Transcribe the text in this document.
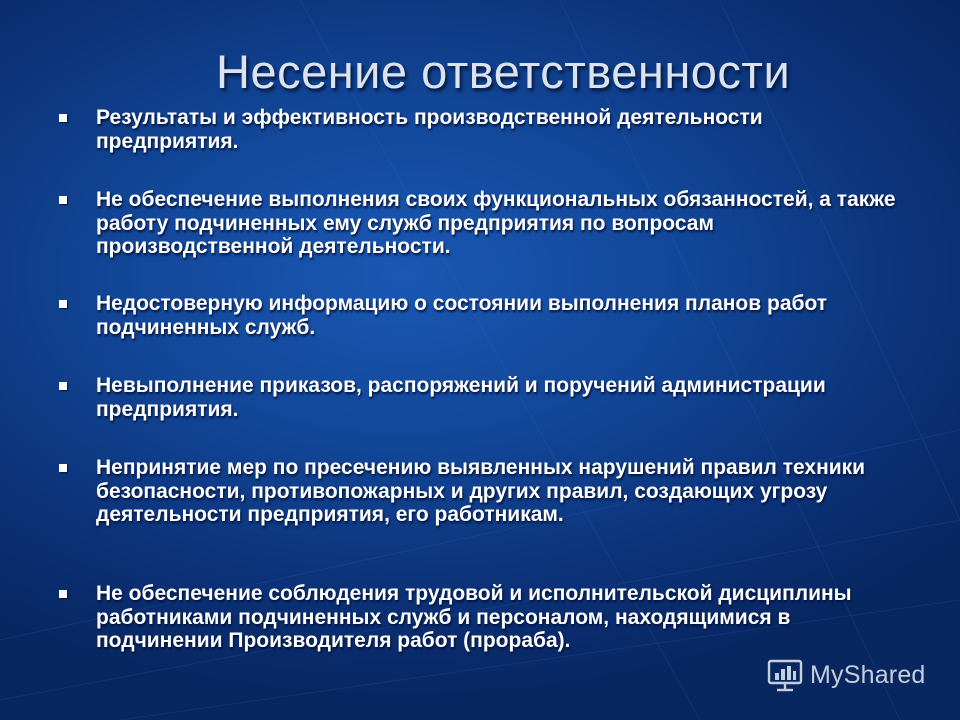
Несение ответственности
Результаты и эффективность производственной деятельности предприятия.
Не обеспечение выполнения своих функциональных обязанностей, а также работу подчиненных ему служб предприятия по вопросам производственной деятельности.
Недостоверную информацию о состоянии выполнения планов работ подчиненных служб.
Невыполнение приказов, распоряжений и поручений администрации предприятия.
Непринятие мер по пресечению выявленных нарушений правил техники безопасности, противопожарных и других правил, создающих угрозу деятельности предприятия, его работникам.
Не обеспечение соблюдения трудовой и исполнительской дисциплины работниками подчиненных служб и персоналом, находящимися в подчинении Производителя работ (прораба).
MyShared
